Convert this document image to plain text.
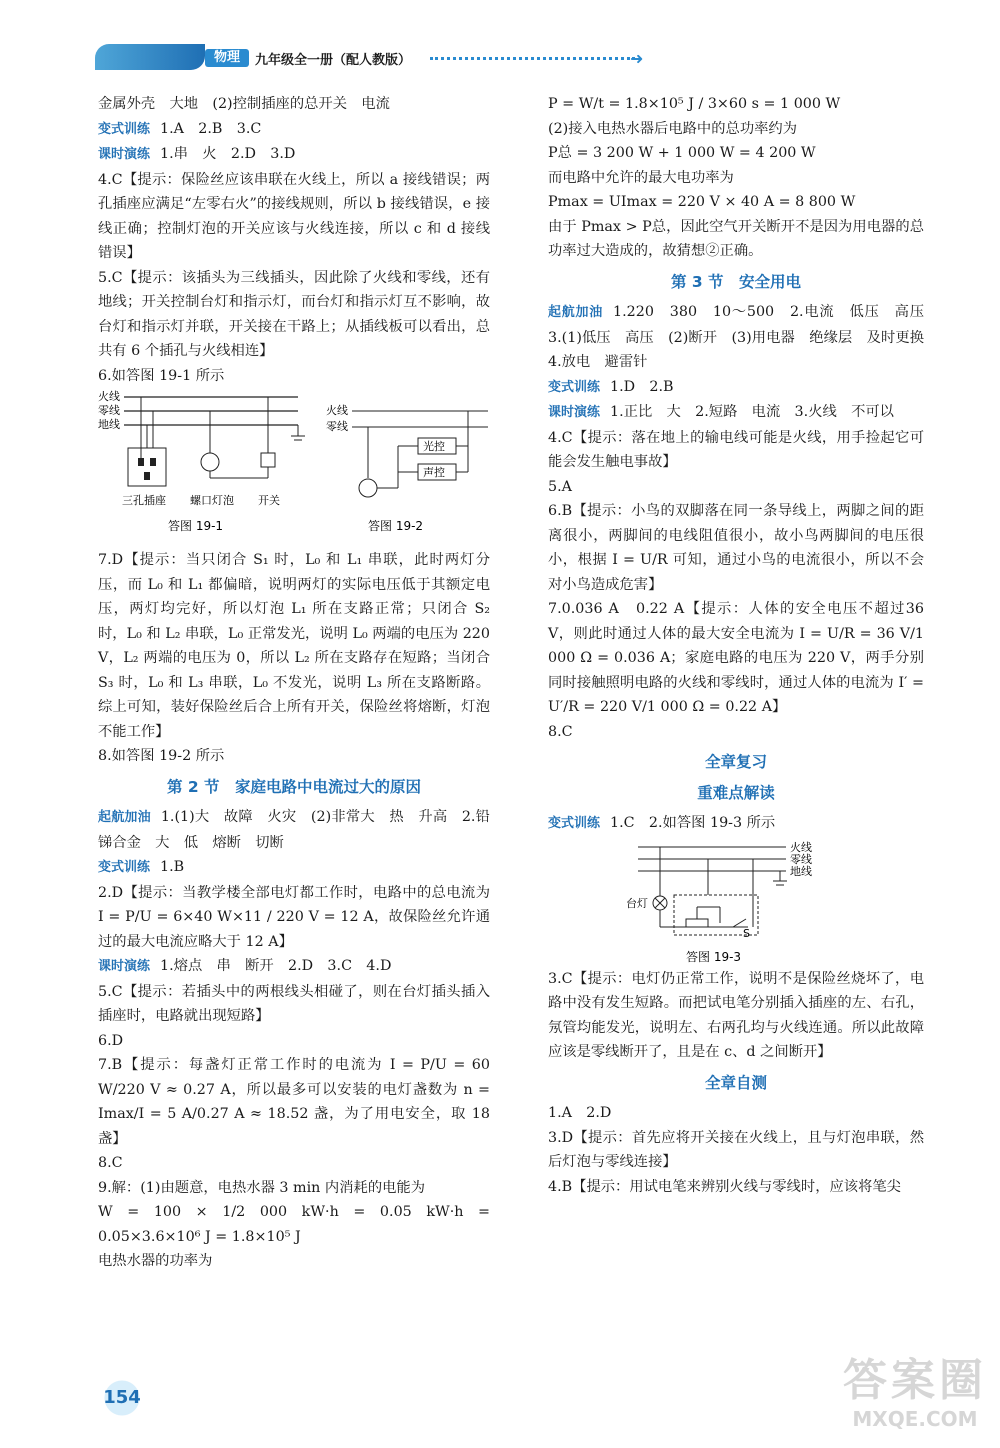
物理	九年级全一册（配人教版）	➜

金属外壳　大地　(2)控制插座的总开关　电流

变式训练 1.A　2.B　3.C

课时演练 1.串　火　2.D　3.D

4.C【提示：保险丝应该串联在火线上，所以 a 接线错误；两孔插座应满足“左零右火”的接线规则，所以 b 接线错误，e 接线正确；控制灯泡的开关应该与火线连接，所以 c 和 d 接线错误】

5.C【提示：该插头为三线插头，因此除了火线和零线，还有地线；开关控制台灯和指示灯，而台灯和指示灯互不影响，故台灯和指示灯并联，开关接在干路上；从插线板可以看出，总共有 6 个插孔与火线相连】

6.如答图 19-1 所示

火线
零线
地线
三孔插座 螺口灯泡 开关
答图 19-1
火线
零线
光控
声控
答图 19-2

7.D【提示：当只闭合 S₁ 时，L₀ 和 L₁ 串联，此时两灯分压，而 L₀ 和 L₁ 都偏暗，说明两灯的实际电压低于其额定电压，两灯均完好，所以灯泡 L₁ 所在支路正常；只闭合 S₂ 时，L₀ 和 L₂ 串联，L₀ 正常发光，说明 L₀ 两端的电压为 220 V，L₂ 两端的电压为 0，所以 L₂ 所在支路存在短路；当闭合 S₃ 时，L₀ 和 L₃ 串联，L₀ 不发光，说明 L₃ 所在支路断路。综上可知，装好保险丝后合上所有开关，保险丝将熔断，灯泡不能工作】

8.如答图 19-2 所示

第 2 节　家庭电路中电流过大的原因

起航加油 1.(1)大　故障　火灾　(2)非常大　热　升高　2.铅锑合金　大　低　熔断　切断

变式训练 1.B

2.D【提示：当教学楼全部电灯都工作时，电路中的总电流为 I = P/U = 6×40 W×11 / 220 V = 12 A，故保险丝允许通过的最大电流应略大于 12 A】

课时演练 1.熔点　串　断开　2.D　3.C　4.D

5.C【提示：若插头中的两根线头相碰了，则在台灯插头插入插座时，电路就出现短路】

6.D

7.B【提示：每盏灯正常工作时的电流为 I = P/U = 60 W/220 V ≈ 0.27 A，所以最多可以安装的电灯盏数为 n = Imax/I = 5 A/0.27 A ≈ 18.52 盏，为了用电安全，取 18 盏】

8.C

9.解：(1)由题意，电热水器 3 min 内消耗的电能为

W = 100 × 1/2 000 kW·h = 0.05 kW·h = 0.05×3.6×10⁶ J = 1.8×10⁵ J

电热水器的功率为

P = W/t = 1.8×10⁵ J / 3×60 s = 1 000 W

(2)接入电热水器后电路中的总功率约为

P总 = 3 200 W + 1 000 W = 4 200 W

而电路中允许的最大电功率为

Pmax = UImax = 220 V × 40 A = 8 800 W

由于 Pmax > P总，因此空气开关断开不是因为用电器的总功率过大造成的，故猜想②正确。

第 3 节　安全用电

起航加油 1.220　380　10～500　2.电流　低压　高压　3.(1)低压　高压　(2)断开　(3)用电器　绝缘层　及时更换　4.放电　避雷针

变式训练 1.D　2.B

课时演练 1.正比　大　2.短路　电流　3.火线　不可以

4.C【提示：落在地上的输电线可能是火线，用手捡起它可能会发生触电事故】

5.A

6.B【提示：小鸟的双脚落在同一条导线上，两脚之间的距离很小，两脚间的电线阻值很小，故小鸟两脚间的电压很小，根据 I = U/R 可知，通过小鸟的电流很小，所以不会对小鸟造成危害】

7.0.036 A　0.22 A【提示：人体的安全电压不超过36 V，则此时通过人体的最大安全电流为 I = U/R = 36 V/1 000 Ω = 0.036 A；家庭电路的电压为 220 V，两手分别同时接触照明电路的火线和零线时，通过人体的电流为 I′ = U′/R = 220 V/1 000 Ω = 0.22 A】

8.C

全章复习
重难点解读

变式训练 1.C　2.如答图 19-3 所示

火线
零线
地线
台灯
S
答图 19-3

3.C【提示：电灯仍正常工作，说明不是保险丝烧坏了，电路中没有发生短路。而把试电笔分别插入插座的左、右孔，氖管均能发光，说明左、右两孔均与火线连通。所以此故障应该是零线断开了，且是在 c、d 之间断开】

全章自测

1.A　2.D

3.D【提示：首先应将开关接在火线上，且与灯泡串联，然后灯泡与零线连接】

4.B【提示：用试电笔来辨别火线与零线时，应该将笔尖

154	答案圈
MXQE.COM
